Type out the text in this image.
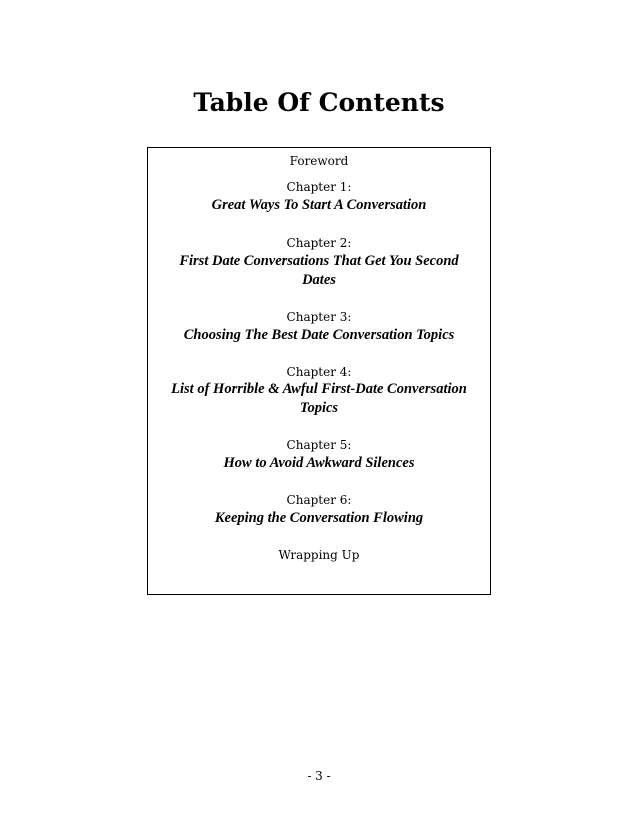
Table Of Contents
Foreword
Chapter 1:
Great Ways To Start A Conversation
Chapter 2:
First Date Conversations That Get You Second
Dates
Chapter 3:
Choosing The Best Date Conversation Topics
Chapter 4:
List of Horrible & Awful First-Date Conversation
Topics
Chapter 5:
How to Avoid Awkward Silences
Chapter 6:
Keeping the Conversation Flowing
Wrapping Up
- 3 -
